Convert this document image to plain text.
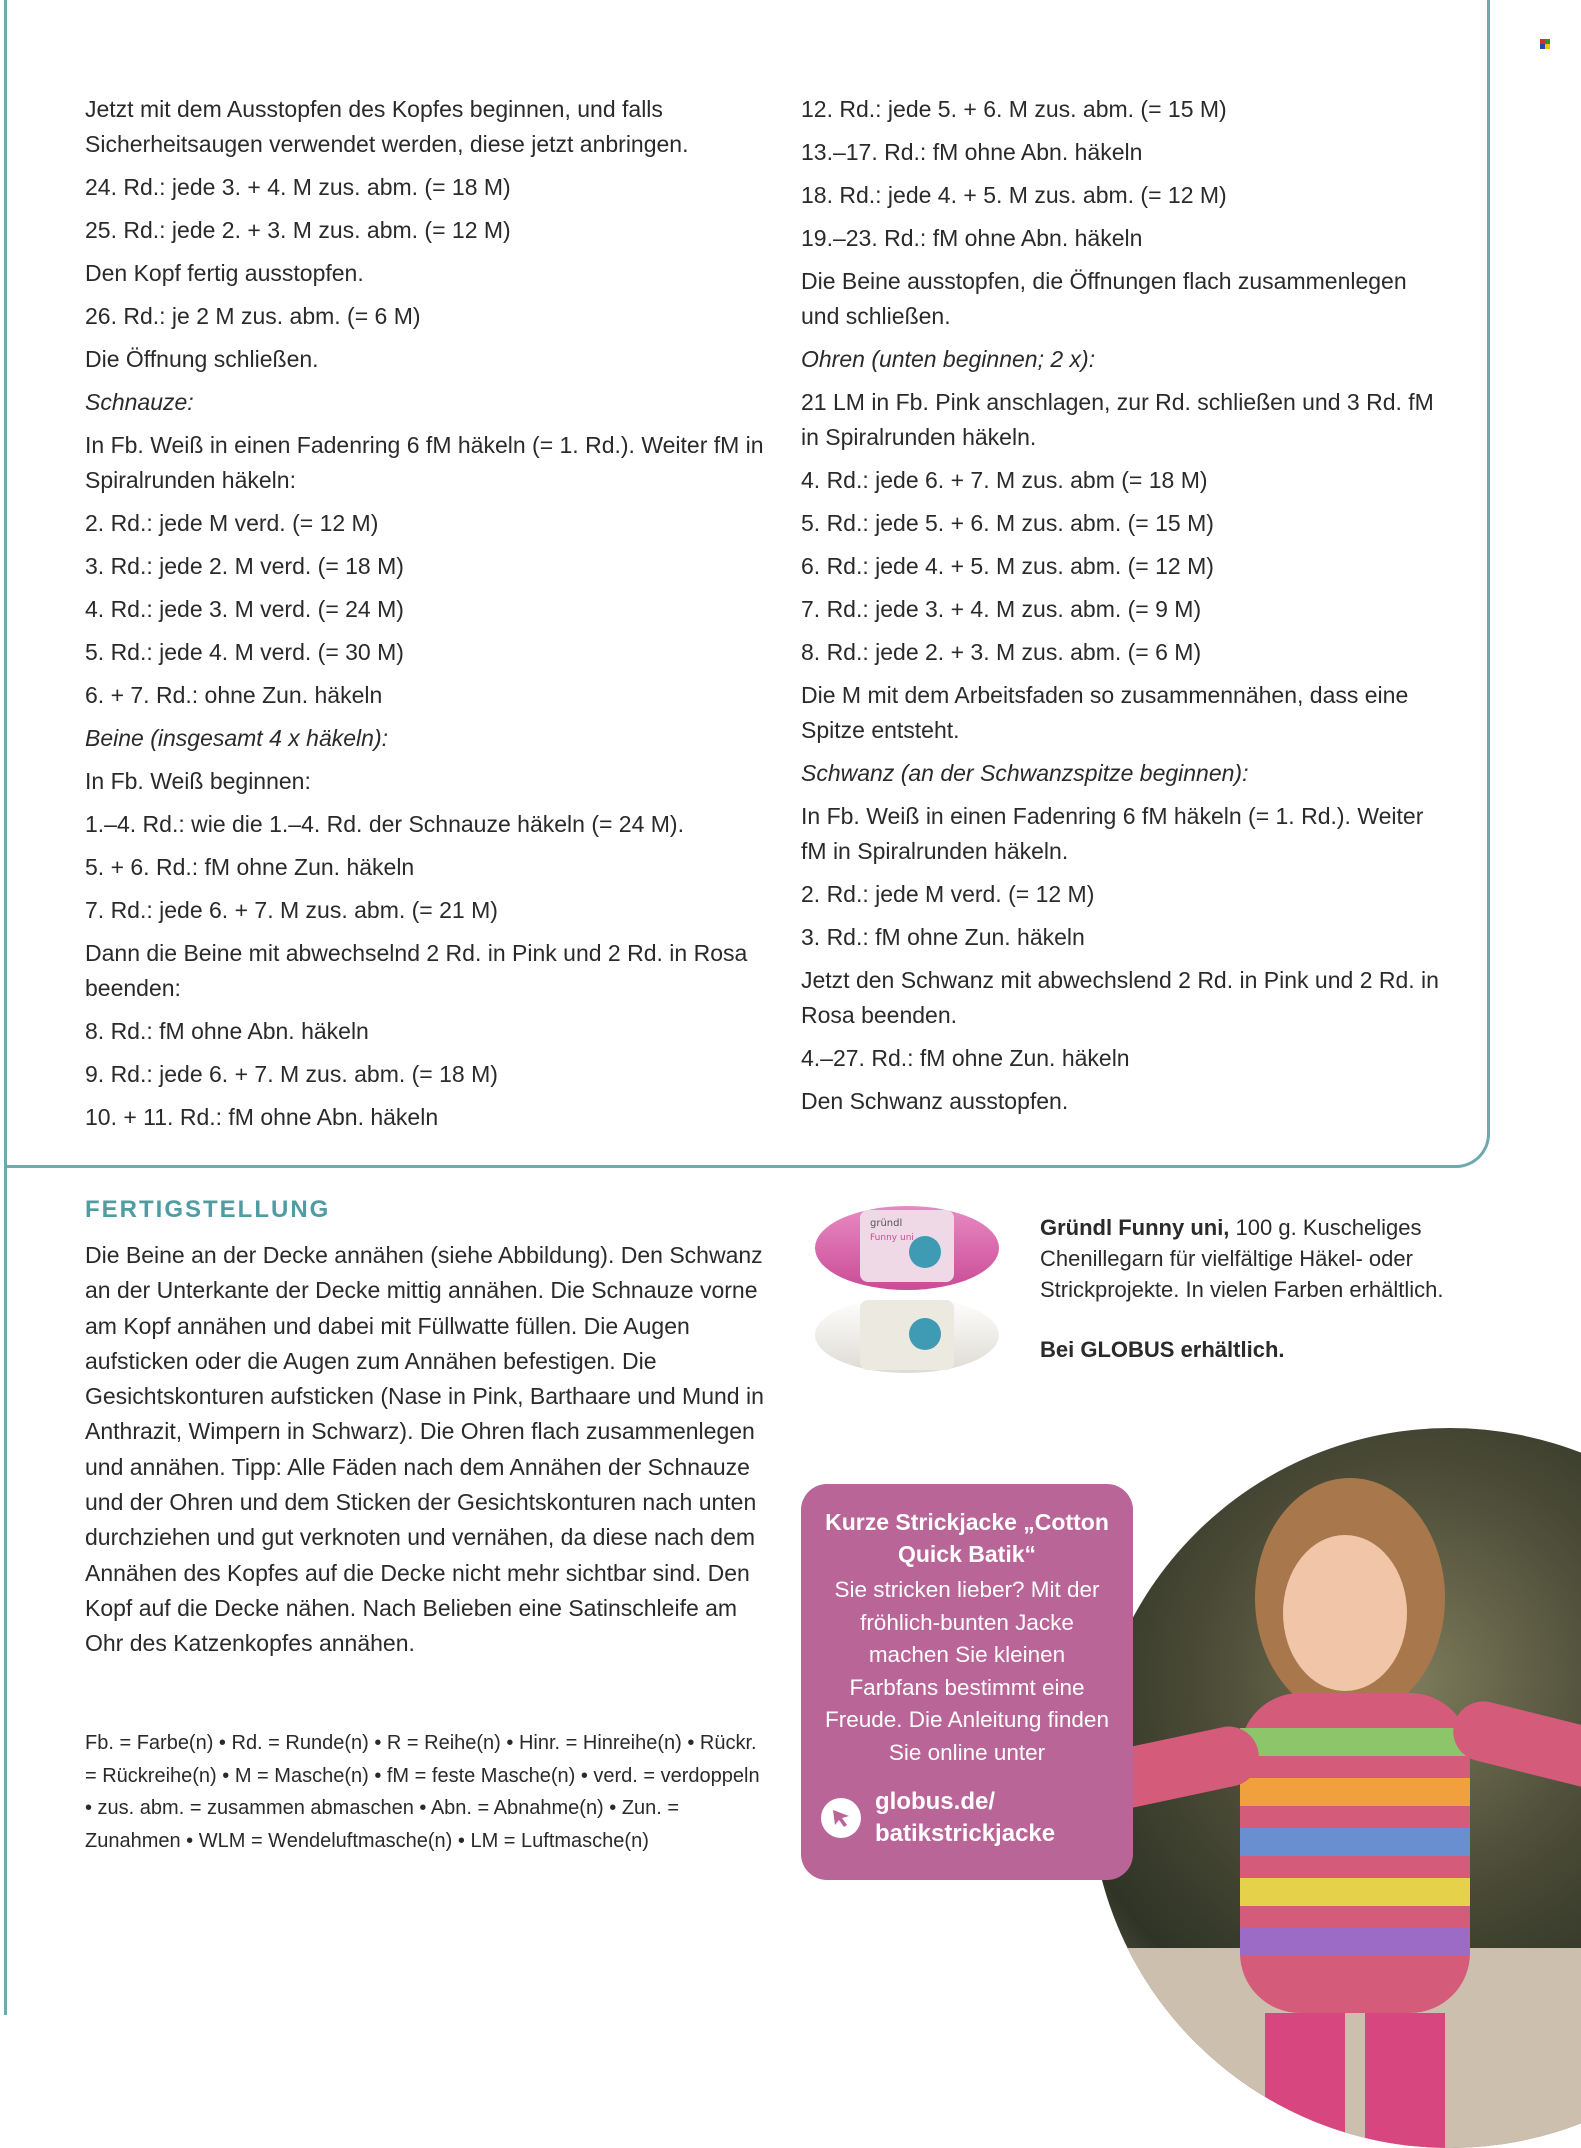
Jetzt mit dem Ausstopfen des Kopfes beginnen, und falls Sicherheitsaugen verwendet werden, diese jetzt anbringen.

24. Rd.: jede 3. + 4. M zus. abm. (= 18 M)

25. Rd.: jede 2. + 3. M zus. abm. (= 12 M)

Den Kopf fertig ausstopfen.

26. Rd.: je 2 M zus. abm. (= 6 M)

Die Öffnung schließen.

Schnauze:

In Fb. Weiß in einen Fadenring 6 fM häkeln (= 1. Rd.). Weiter fM in Spiralrunden häkeln:

2. Rd.: jede M verd. (= 12 M)

3. Rd.: jede 2. M verd. (= 18 M)

4. Rd.: jede 3. M verd. (= 24 M)

5. Rd.: jede 4. M verd. (= 30 M)

6. + 7. Rd.: ohne Zun. häkeln

Beine (insgesamt 4 x häkeln):

In Fb. Weiß beginnen:

1.–4. Rd.: wie die 1.–4. Rd. der Schnauze häkeln (= 24 M).

5. + 6. Rd.: fM ohne Zun. häkeln

7. Rd.: jede 6. + 7. M zus. abm. (= 21 M)

Dann die Beine mit abwechselnd 2 Rd. in Pink und 2 Rd. in Rosa beenden:

8. Rd.: fM ohne Abn. häkeln

9. Rd.: jede 6. + 7. M zus. abm. (= 18 M)

10. + 11. Rd.: fM ohne Abn. häkeln

12. Rd.: jede 5. + 6. M zus. abm. (= 15 M)

13.–17. Rd.: fM ohne Abn. häkeln

18. Rd.: jede 4. + 5. M zus. abm. (= 12 M)

19.–23. Rd.: fM ohne Abn. häkeln

Die Beine ausstopfen, die Öffnungen flach zusammenlegen und schließen.

Ohren (unten beginnen; 2 x):

21 LM in Fb. Pink anschlagen, zur Rd. schließen und 3 Rd. fM in Spiralrunden häkeln.

4. Rd.: jede 6. + 7. M zus. abm (= 18 M)

5. Rd.: jede 5. + 6. M zus. abm. (= 15 M)

6. Rd.: jede 4. + 5. M zus. abm. (= 12 M)

7. Rd.: jede 3. + 4. M zus. abm. (= 9 M)

8. Rd.: jede 2. + 3. M zus. abm. (= 6 M)

Die M mit dem Arbeitsfaden so zusammennähen, dass eine Spitze entsteht.

Schwanz (an der Schwanzspitze beginnen):

In Fb. Weiß in einen Fadenring 6 fM häkeln (= 1. Rd.). Weiter fM in Spiralrunden häkeln.

2. Rd.: jede M verd. (= 12 M)

3. Rd.: fM ohne Zun. häkeln

Jetzt den Schwanz mit abwechslend 2 Rd. in Pink und 2 Rd. in Rosa beenden.

4.–27. Rd.: fM ohne Zun. häkeln

Den Schwanz ausstopfen.

FERTIGSTELLUNG
Die Beine an der Decke annähen (siehe Abbildung). Den Schwanz an der Unterkante der Decke mittig annähen. Die Schnauze vorne am Kopf annähen und dabei mit Füllwatte füllen. Die Augen aufsticken oder die Augen zum Annähen befestigen. Die Gesichtskonturen aufsticken (Nase in Pink, Barthaare und Mund in Anthrazit, Wimpern in Schwarz). Die Ohren flach zusammenlegen und annähen. Tipp: Alle Fäden nach dem Annähen der Schnauze und der Ohren und dem Sticken der Gesichtskonturen nach unten durchziehen und gut verknoten und vernähen, da diese nach dem Annähen des Kopfes auf die Decke nicht mehr sichtbar sind. Den Kopf auf die Decke nähen. Nach Belieben eine Satinschleife am Ohr des Katzenkopfes annähen.
Fb. = Farbe(n) • Rd. = Runde(n) • R = Reihe(n) • Hinr. = Hinreihe(n) • Rückr. = Rückreihe(n) • M = Masche(n) • fM = feste Masche(n) • verd. = verdoppeln • zus. abm. = zusammen abmaschen • Abn. = Abnahme(n) • Zun. = Zunahmen • WLM = Wendeluftmasche(n) • LM = Luftmasche(n)
gründl
Funny uni	Gründl Funny uni, 100 g. Kuscheliges Chenillegarn für vielfältige Häkel- oder Strickprojekte. In vielen Farben erhältlich.
Bei GLOBUS erhältlich.
Kurze Strickjacke „Cotton Quick Batik“
Sie stricken lieber? Mit der fröhlich-bunten Jacke machen Sie kleinen Farbfans bestimmt eine Freude. Die Anleitung finden Sie online unter
globus.de/
batikstrickjacke
